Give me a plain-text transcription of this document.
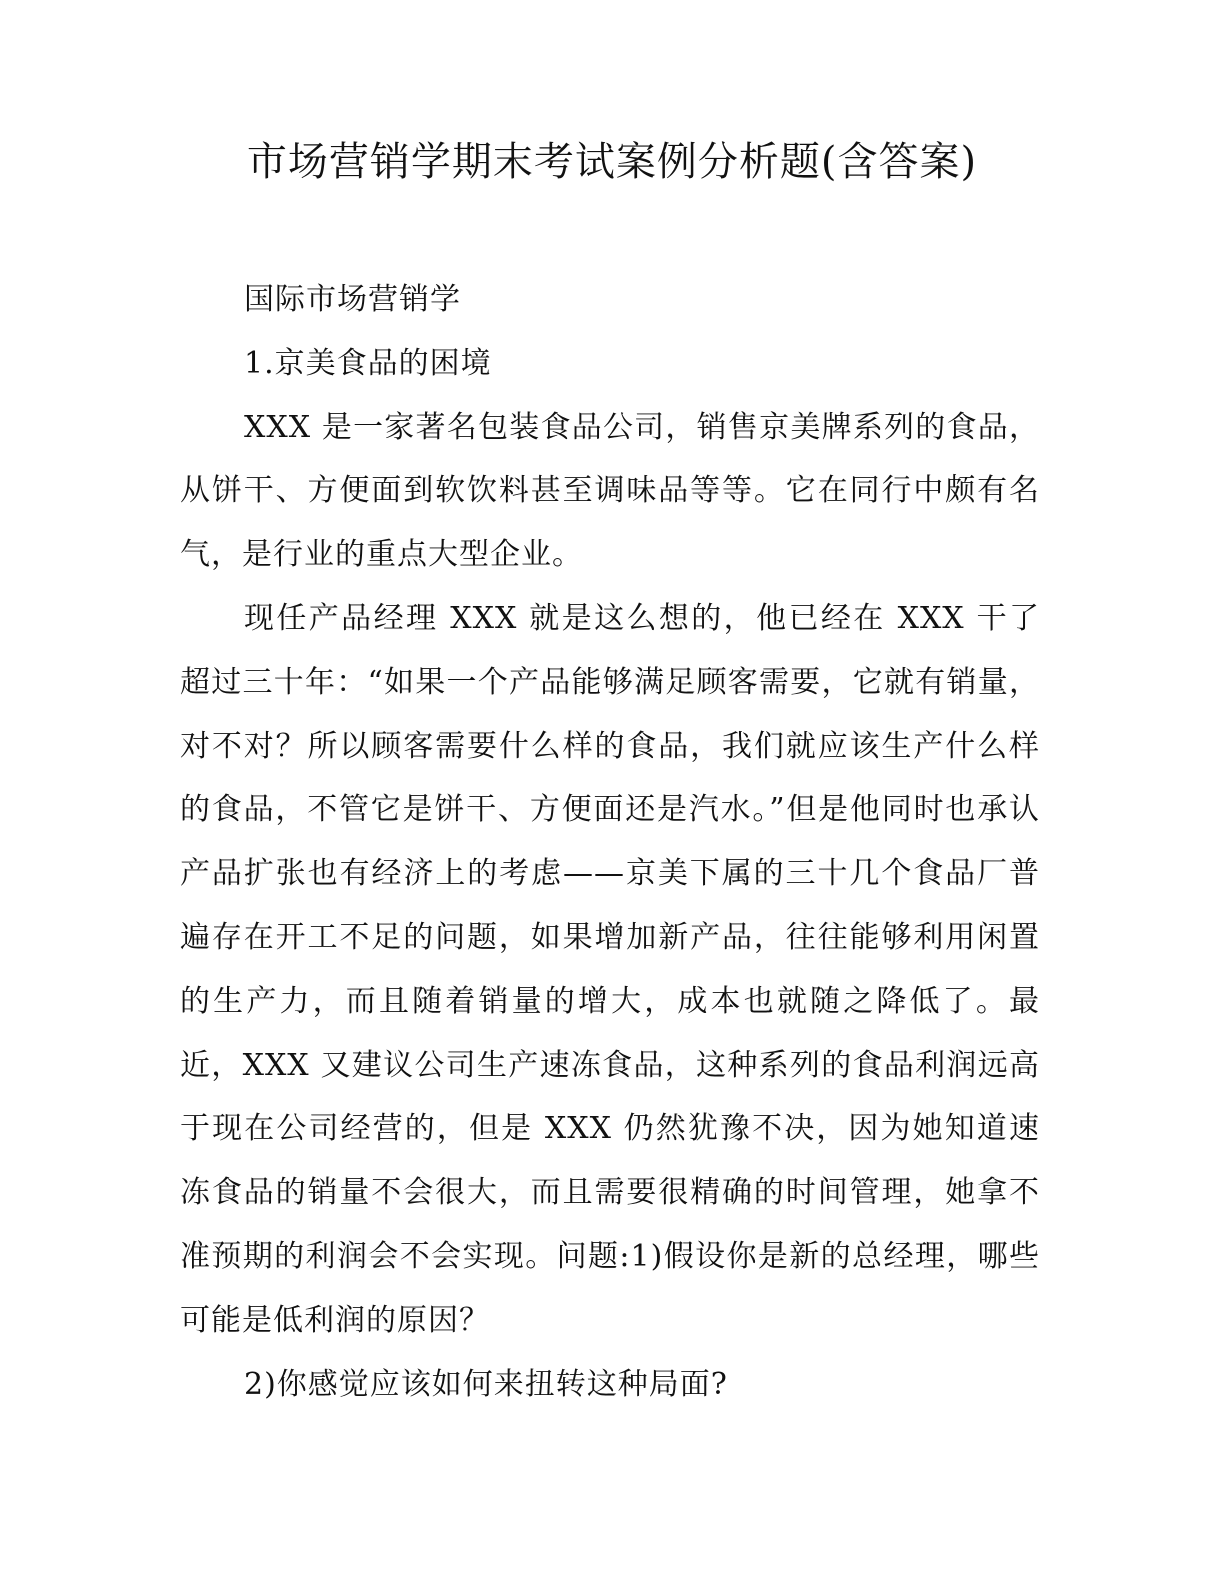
市场营销学期末考试案例分析题(含答案)

国际市场营销学

1.京美食品的困境

XXX 是一家著名包装食品公司，销售京美牌系列的食品，从饼干、方便面到软饮料甚至调味品等等。它在同行中颇有名气，是行业的重点大型企业。

现任产品经理 XXX 就是这么想的，他已经在 XXX 干了超过三十年：“如果一个产品能够满足顾客需要，它就有销量，对不对？所以顾客需要什么样的食品，我们就应该生产什么样的食品，不管它是饼干、方便面还是汽水。”但是他同时也承认产品扩张也有经济上的考虑——京美下属的三十几个食品厂普遍存在开工不足的问题，如果增加新产品，往往能够利用闲置的生产力，而且随着销量的增大，成本也就随之降低了。最近，XXX 又建议公司生产速冻食品，这种系列的食品利润远高于现在公司经营的，但是 XXX 仍然犹豫不决，因为她知道速冻食品的销量不会很大，而且需要很精确的时间管理，她拿不准预期的利润会不会实现。问题:1)假设你是新的总经理，哪些可能是低利润的原因？

2)你感觉应该如何来扭转这种局面?
